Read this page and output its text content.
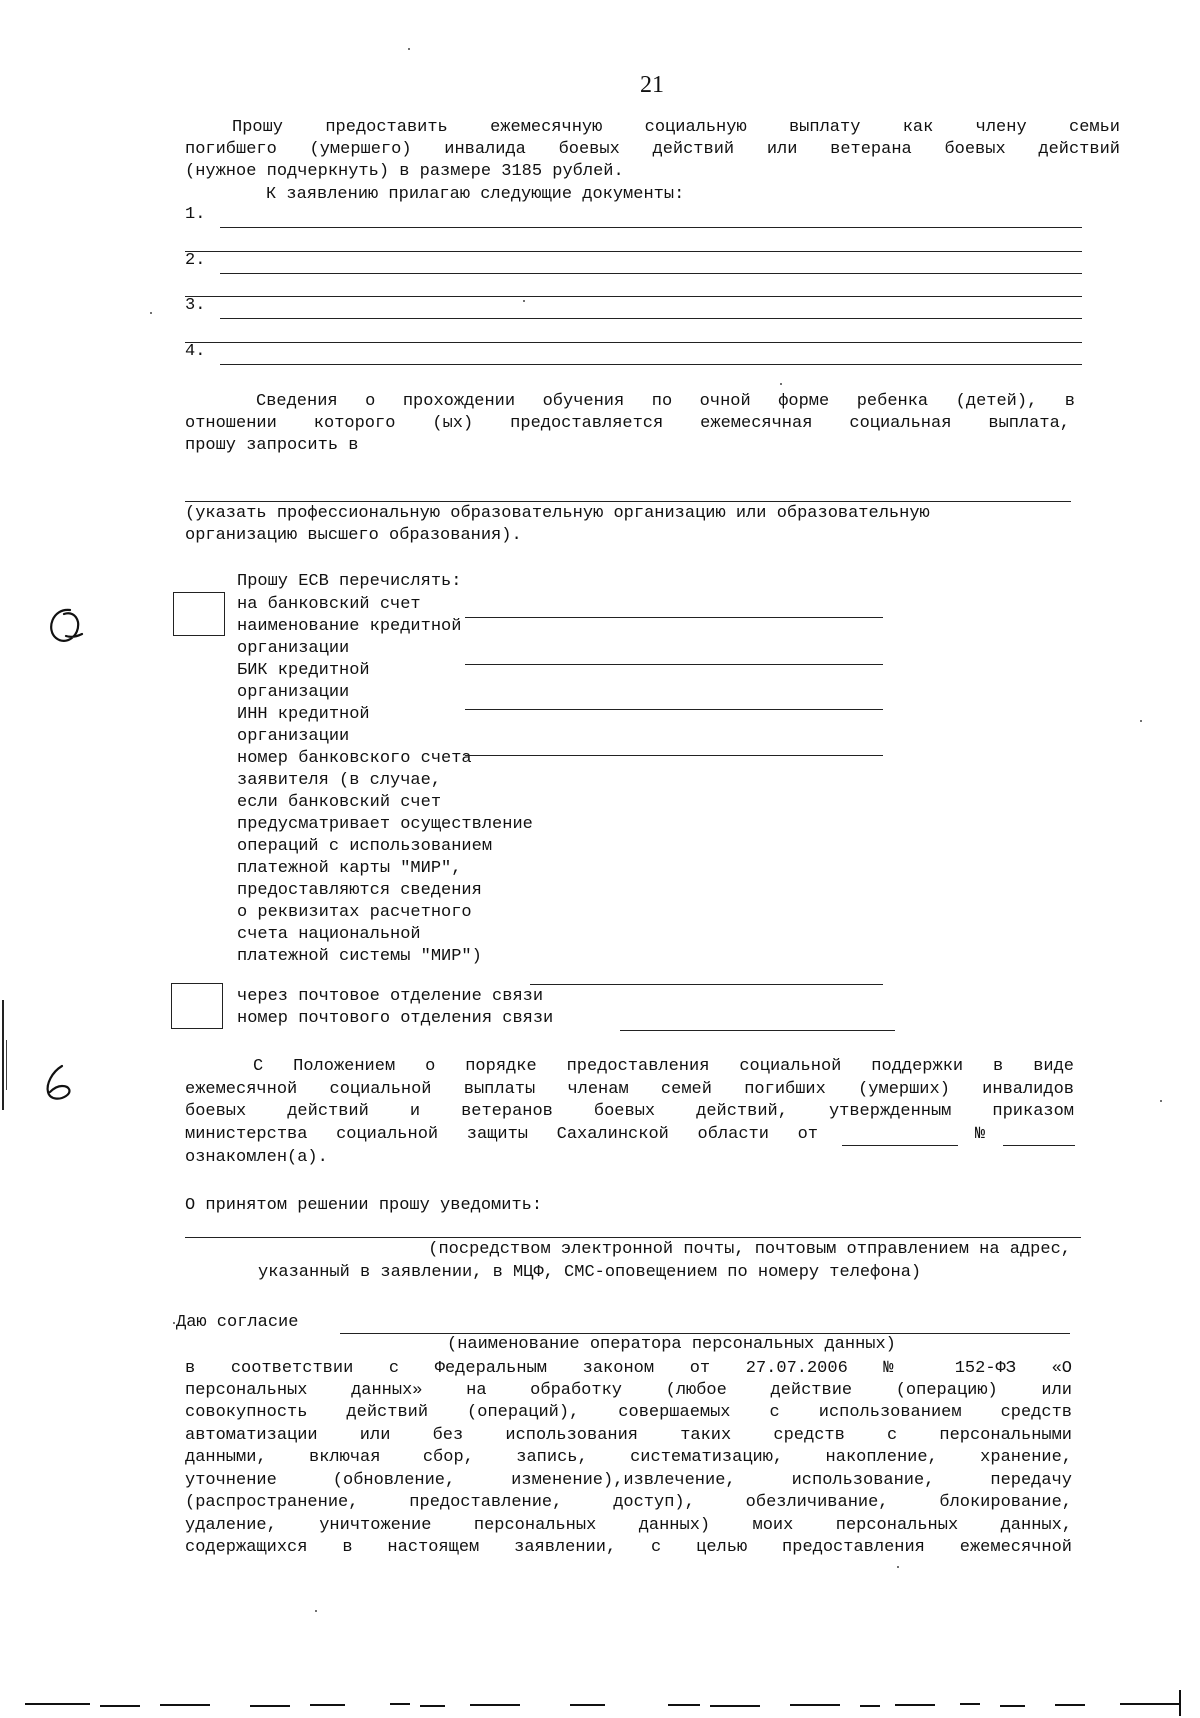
21

Прошу предоставить ежемесячную социальную выплату как члену семьи

погибшего (умершего) инвалида боевых действий или ветерана боевых действий

(нужное подчеркнуть) в размере 3185 рублей.

К заявлению прилагаю следующие документы:

1.
2.
3.
4.

Сведения о прохождении обучения по очной форме ребенка (детей), в

отношении которого (ых) предоставляется ежемесячная социальная выплата,

прошу запросить в

(указать профессиональную образовательную организацию или образовательную

организацию высшего образования).

Прошу ЕСВ перечислять:

на банковский счет
наименование кредитной
организации
БИК кредитной
организации
ИНН кредитной
организации
номер банковского счета
заявителя (в случае,
если банковский счет
предусматривает осуществление
операций с использованием
платежной карты "МИР",
предоставляются сведения
о реквизитах расчетного
счета национальной
платежной системы "МИР")
через почтовое отделение связи
номер почтового отделения связи

С Положением о порядке предоставления социальной поддержки в виде

ежемесячной социальной выплаты членам семей погибших (умерших) инвалидов

боевых действий и ветеранов боевых действий, утвержденным приказом

министерства социальной защиты Сахалинской области от	№

ознакомлен(а).

О принятом решении прошу уведомить:

(посредством электронной почты, почтовым отправлением на адрес,

указанный в заявлении, в МЦФ, СМС-оповещением по номеру телефона)

Даю согласие

(наименование оператора персональных данных)

в соответствии с Федеральным законом от 27.07.2006 № 152-ФЗ «О

персональных данных» на обработку (любое действие (операцию) или

совокупность действий (операций), совершаемых с использованием средств

автоматизации или без использования таких средств с персональными

данными, включая сбор, запись, систематизацию, накопление, хранение,

уточнение (обновление, изменение),извлечение, использование, передачу

(распространение, предоставление, доступ), обезличивание, блокирование,

удаление, уничтожение персональных данных) моих персональных данных,

содержащихся в настоящем заявлении, с целью предоставления ежемесячной
